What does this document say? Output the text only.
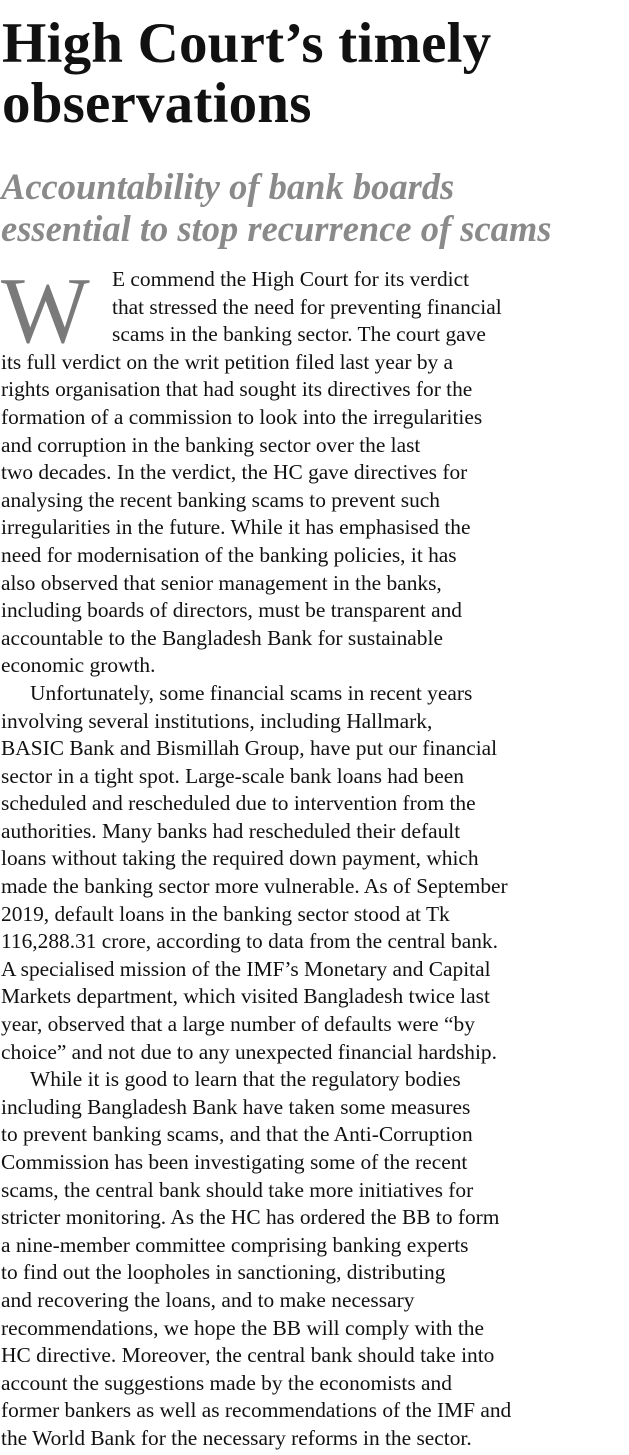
High Court’s timely
observations
Accountability of bank boards
essential to stop recurrence of scams
W	E commend the High Court for its verdict
that stressed the need for preventing financial
scams in the banking sector. The court gave
its full verdict on the writ petition filed last year by a
rights organisation that had sought its directives for the
formation of a commission to look into the irregularities
and corruption in the banking sector over the last
two decades. In the verdict, the HC gave directives for
analysing the recent banking scams to prevent such
irregularities in the future. While it has emphasised the
need for modernisation of the banking policies, it has
also observed that senior management in the banks,
including boards of directors, must be transparent and
accountable to the Bangladesh Bank for sustainable
economic growth.
Unfortunately, some financial scams in recent years
involving several institutions, including Hallmark,
BASIC Bank and Bismillah Group, have put our financial
sector in a tight spot. Large-scale bank loans had been
scheduled and rescheduled due to intervention from the
authorities. Many banks had rescheduled their default
loans without taking the required down payment, which
made the banking sector more vulnerable. As of September
2019, default loans in the banking sector stood at Tk
116,288.31 crore, according to data from the central bank.
A specialised mission of the IMF’s Monetary and Capital
Markets department, which visited Bangladesh twice last
year, observed that a large number of defaults were “by
choice” and not due to any unexpected financial hardship.
While it is good to learn that the regulatory bodies
including Bangladesh Bank have taken some measures
to prevent banking scams, and that the Anti-Corruption
Commission has been investigating some of the recent
scams, the central bank should take more initiatives for
stricter monitoring. As the HC has ordered the BB to form
a nine-member committee comprising banking experts
to find out the loopholes in sanctioning, distributing
and recovering the loans, and to make necessary
recommendations, we hope the BB will comply with the
HC directive. Moreover, the central bank should take into
account the suggestions made by the economists and
former bankers as well as recommendations of the IMF and
the World Bank for the necessary reforms in the sector.
